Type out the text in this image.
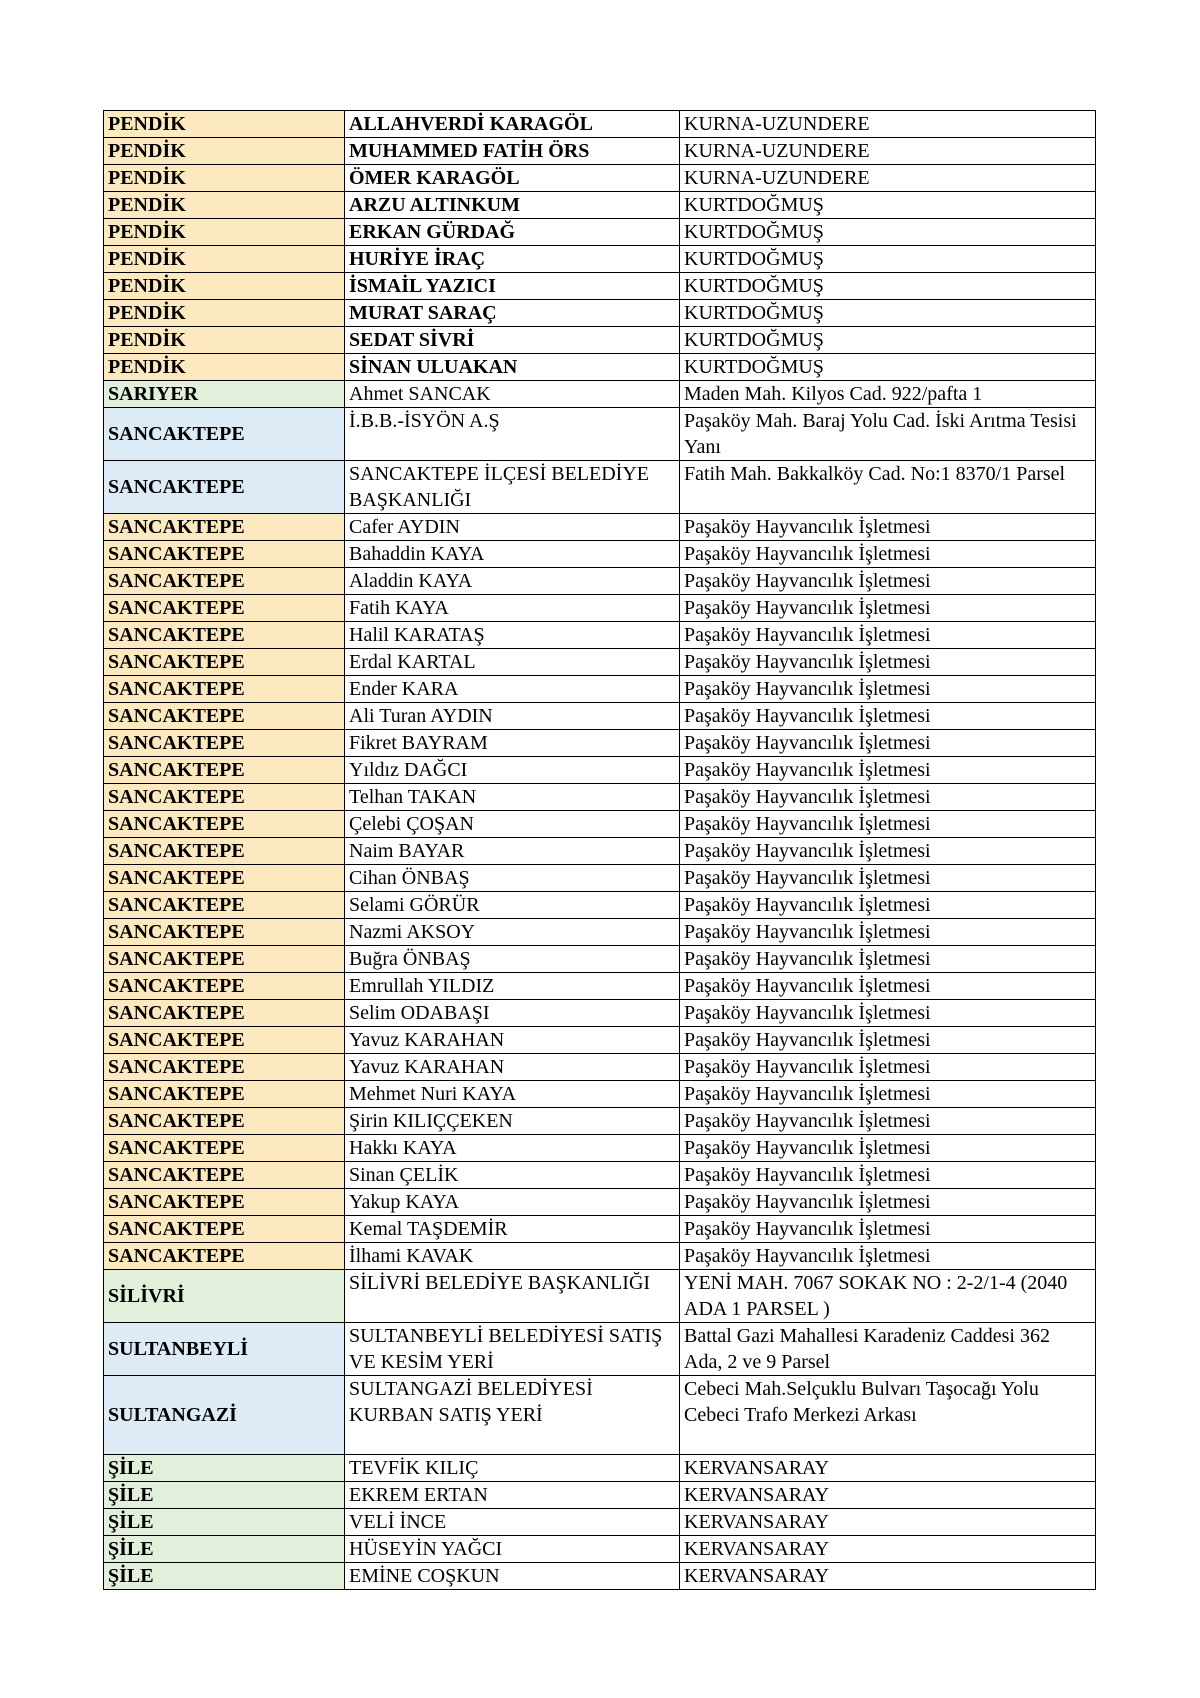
PENDİK	ALLAHVERDİ KARAGÖL	KURNA-UZUNDERE
PENDİK	MUHAMMED FATİH ÖRS	KURNA-UZUNDERE
PENDİK	ÖMER KARAGÖL	KURNA-UZUNDERE
PENDİK	ARZU ALTINKUM	KURTDOĞMUŞ
PENDİK	ERKAN GÜRDAĞ	KURTDOĞMUŞ
PENDİK	HURİYE İRAÇ	KURTDOĞMUŞ
PENDİK	İSMAİL YAZICI	KURTDOĞMUŞ
PENDİK	MURAT SARAÇ	KURTDOĞMUŞ
PENDİK	SEDAT SİVRİ	KURTDOĞMUŞ
PENDİK	SİNAN ULUAKAN	KURTDOĞMUŞ
SARIYER	Ahmet SANCAK	Maden Mah. Kilyos Cad. 922/pafta 1
SANCAKTEPE	İ.B.B.-İSYÖN A.Ş	Paşaköy Mah. Baraj Yolu Cad. İski Arıtma Tesisi Yanı
SANCAKTEPE	SANCAKTEPE İLÇESİ BELEDİYE BAŞKANLIĞI	Fatih Mah. Bakkalköy Cad. No:1 8370/1 Parsel
SANCAKTEPE	Cafer AYDIN	Paşaköy Hayvancılık İşletmesi
SANCAKTEPE	Bahaddin KAYA	Paşaköy Hayvancılık İşletmesi
SANCAKTEPE	Aladdin KAYA	Paşaköy Hayvancılık İşletmesi
SANCAKTEPE	Fatih KAYA	Paşaköy Hayvancılık İşletmesi
SANCAKTEPE	Halil KARATAŞ	Paşaköy Hayvancılık İşletmesi
SANCAKTEPE	Erdal KARTAL	Paşaköy Hayvancılık İşletmesi
SANCAKTEPE	Ender KARA	Paşaköy Hayvancılık İşletmesi
SANCAKTEPE	Ali Turan AYDIN	Paşaköy Hayvancılık İşletmesi
SANCAKTEPE	Fikret BAYRAM	Paşaköy Hayvancılık İşletmesi
SANCAKTEPE	Yıldız DAĞCI	Paşaköy Hayvancılık İşletmesi
SANCAKTEPE	Telhan TAKAN	Paşaköy Hayvancılık İşletmesi
SANCAKTEPE	Çelebi ÇOŞAN	Paşaköy Hayvancılık İşletmesi
SANCAKTEPE	Naim BAYAR	Paşaköy Hayvancılık İşletmesi
SANCAKTEPE	Cihan ÖNBAŞ	Paşaköy Hayvancılık İşletmesi
SANCAKTEPE	Selami GÖRÜR	Paşaköy Hayvancılık İşletmesi
SANCAKTEPE	Nazmi AKSOY	Paşaköy Hayvancılık İşletmesi
SANCAKTEPE	Buğra ÖNBAŞ	Paşaköy Hayvancılık İşletmesi
SANCAKTEPE	Emrullah YILDIZ	Paşaköy Hayvancılık İşletmesi
SANCAKTEPE	Selim ODABAŞI	Paşaköy Hayvancılık İşletmesi
SANCAKTEPE	Yavuz KARAHAN	Paşaköy Hayvancılık İşletmesi
SANCAKTEPE	Yavuz KARAHAN	Paşaköy Hayvancılık İşletmesi
SANCAKTEPE	Mehmet Nuri KAYA	Paşaköy Hayvancılık İşletmesi
SANCAKTEPE	Şirin KILIÇÇEKEN	Paşaköy Hayvancılık İşletmesi
SANCAKTEPE	Hakkı KAYA	Paşaköy Hayvancılık İşletmesi
SANCAKTEPE	Sinan ÇELİK	Paşaköy Hayvancılık İşletmesi
SANCAKTEPE	Yakup KAYA	Paşaköy Hayvancılık İşletmesi
SANCAKTEPE	Kemal TAŞDEMİR	Paşaköy Hayvancılık İşletmesi
SANCAKTEPE	İlhami KAVAK	Paşaköy Hayvancılık İşletmesi
SİLİVRİ	SİLİVRİ BELEDİYE BAŞKANLIĞI	YENİ MAH. 7067 SOKAK NO : 2-2/1-4 (2040 ADA 1 PARSEL )
SULTANBEYLİ	SULTANBEYLİ BELEDİYESİ SATIŞ VE KESİM YERİ	Battal Gazi Mahallesi Karadeniz Caddesi 362 Ada, 2 ve 9 Parsel
SULTANGAZİ	SULTANGAZİ BELEDİYESİ KURBAN SATIŞ YERİ	Cebeci Mah.Selçuklu Bulvarı Taşocağı Yolu Cebeci Trafo Merkezi Arkası
ŞİLE	TEVFİK KILIÇ	KERVANSARAY
ŞİLE	EKREM ERTAN	KERVANSARAY
ŞİLE	VELİ İNCE	KERVANSARAY
ŞİLE	HÜSEYİN YAĞCI	KERVANSARAY
ŞİLE	EMİNE COŞKUN	KERVANSARAY
